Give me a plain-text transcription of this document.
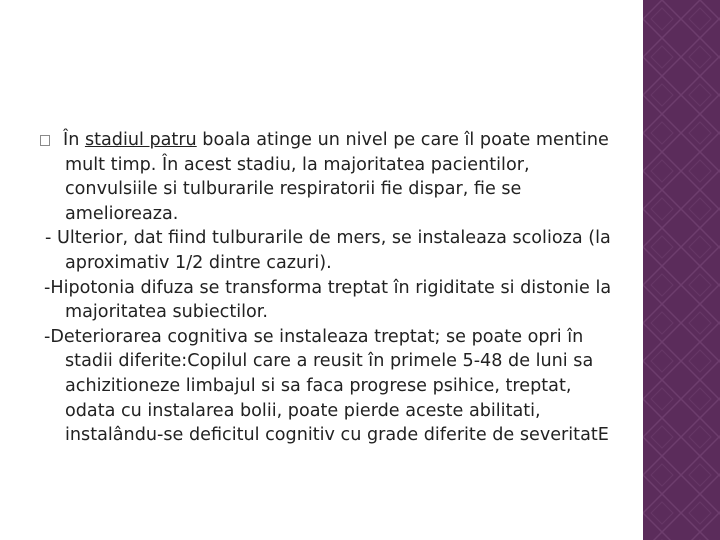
În stadiul patru boala atinge un nivel pe care îl poate mentine mult timp. În acest stadiu, la majoritatea pacientilor, convulsiile si tulburarile respiratorii fie dispar, fie se amelioreaza.

- Ulterior, dat fiind tulburarile de mers, se instaleaza scolioza (la aproximativ 1/2 dintre cazuri).

-Hipotonia difuza se transforma treptat în rigiditate si distonie la majoritatea subiectilor.

-Deteriorarea cognitiva se instaleaza treptat; se poate opri în stadii diferite:Copilul care a reusit în primele 5-48 de luni sa achizitioneze limbajul si sa faca progrese psihice, treptat, odata cu instalarea bolii, poate pierde aceste abilitati, instalându-se deficitul cognitiv cu grade diferite de severitatE
